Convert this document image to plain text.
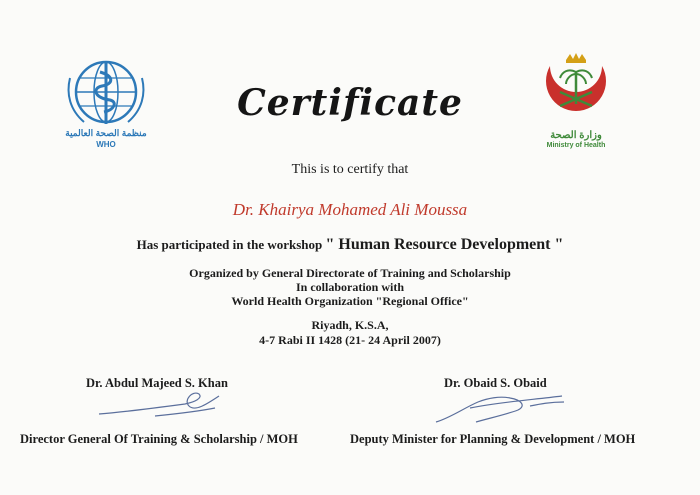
منظمة الصحة العالمية
WHO
وزارة الصحة
Ministry of Health
Certificate
This is to certify that
Dr. Khairya Mohamed Ali Moussa
Has participated in the workshop " Human Resource Development "
Organized by General Directorate of Training and Scholarship
In collaboration with
World Health Organization "Regional Office"
Riyadh, K.S.A,
4-7 Rabi II 1428 (21- 24 April 2007)
Dr. Abdul Majeed S. Khan	Dr. Obaid S. Obaid
Director General Of Training & Scholarship / MOH	Deputy Minister for Planning & Development / MOH
